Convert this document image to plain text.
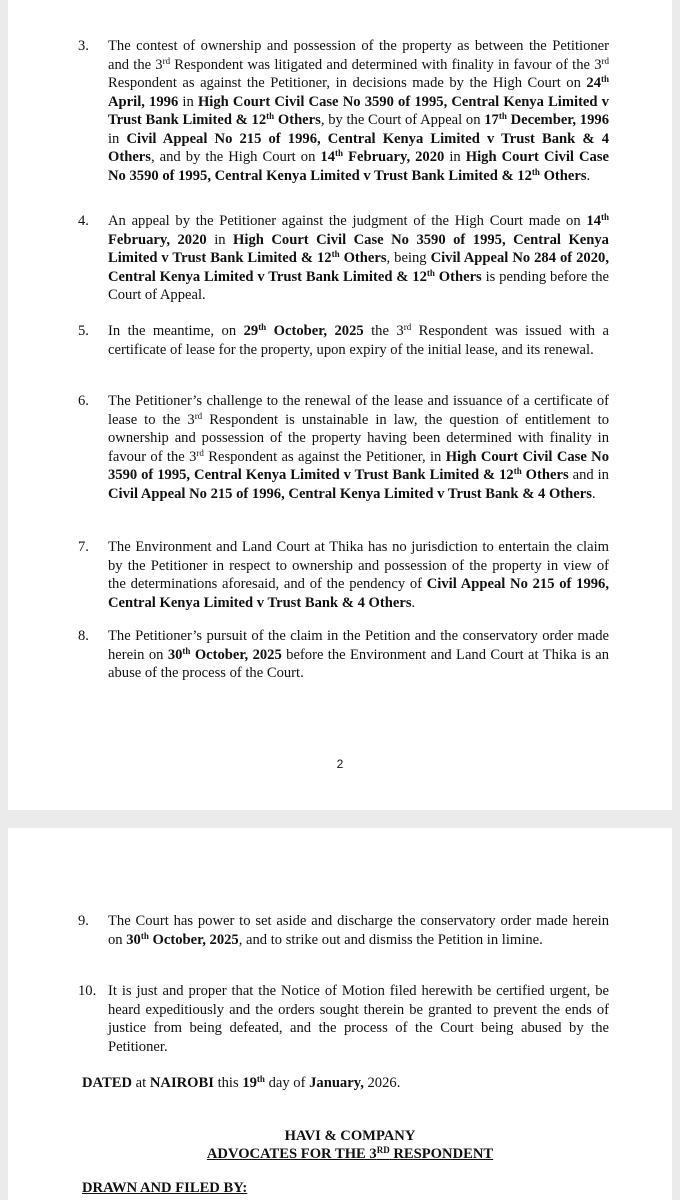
3. The contest of ownership and possession of the property as between the Petitioner and the 3rd Respondent was litigated and determined with finality in favour of the 3rd Respondent as against the Petitioner, in decisions made by the High Court on 24th April, 1996 in High Court Civil Case No 3590 of 1995, Central Kenya Limited v Trust Bank Limited & 12th Others, by the Court of Appeal on 17th December, 1996 in Civil Appeal No 215 of 1996, Central Kenya Limited v Trust Bank & 4 Others, and by the High Court on 14th February, 2020 in High Court Civil Case No 3590 of 1995, Central Kenya Limited v Trust Bank Limited & 12th Others.
4. An appeal by the Petitioner against the judgment of the High Court made on 14th February, 2020 in High Court Civil Case No 3590 of 1995, Central Kenya Limited v Trust Bank Limited & 12th Others, being Civil Appeal No 284 of 2020, Central Kenya Limited v Trust Bank Limited & 12th Others is pending before the Court of Appeal.
5. In the meantime, on 29th October, 2025 the 3rd Respondent was issued with a certificate of lease for the property, upon expiry of the initial lease, and its renewal.
6. The Petitioner’s challenge to the renewal of the lease and issuance of a certificate of lease to the 3rd Respondent is unstainable in law, the question of entitlement to ownership and possession of the property having been determined with finality in favour of the 3rd Respondent as against the Petitioner, in High Court Civil Case No 3590 of 1995, Central Kenya Limited v Trust Bank Limited & 12th Others and in Civil Appeal No 215 of 1996, Central Kenya Limited v Trust Bank & 4 Others.
7. The Environment and Land Court at Thika has no jurisdiction to entertain the claim by the Petitioner in respect to ownership and possession of the property in view of the determinations aforesaid, and of the pendency of Civil Appeal No 215 of 1996, Central Kenya Limited v Trust Bank & 4 Others.
8. The Petitioner’s pursuit of the claim in the Petition and the conservatory order made herein on 30th October, 2025 before the Environment and Land Court at Thika is an abuse of the process of the Court.
2
9. The Court has power to set aside and discharge the conservatory order made herein on 30th October, 2025, and to strike out and dismiss the Petition in limine.
10. It is just and proper that the Notice of Motion filed herewith be certified urgent, be heard expeditiously and the orders sought therein be granted to prevent the ends of justice from being defeated, and the process of the Court being abused by the Petitioner.
DATED at NAIROBI this 19th day of January, 2026.
HAVI & COMPANY
ADVOCATES FOR THE 3RD RESPONDENT
DRAWN AND FILED BY:
